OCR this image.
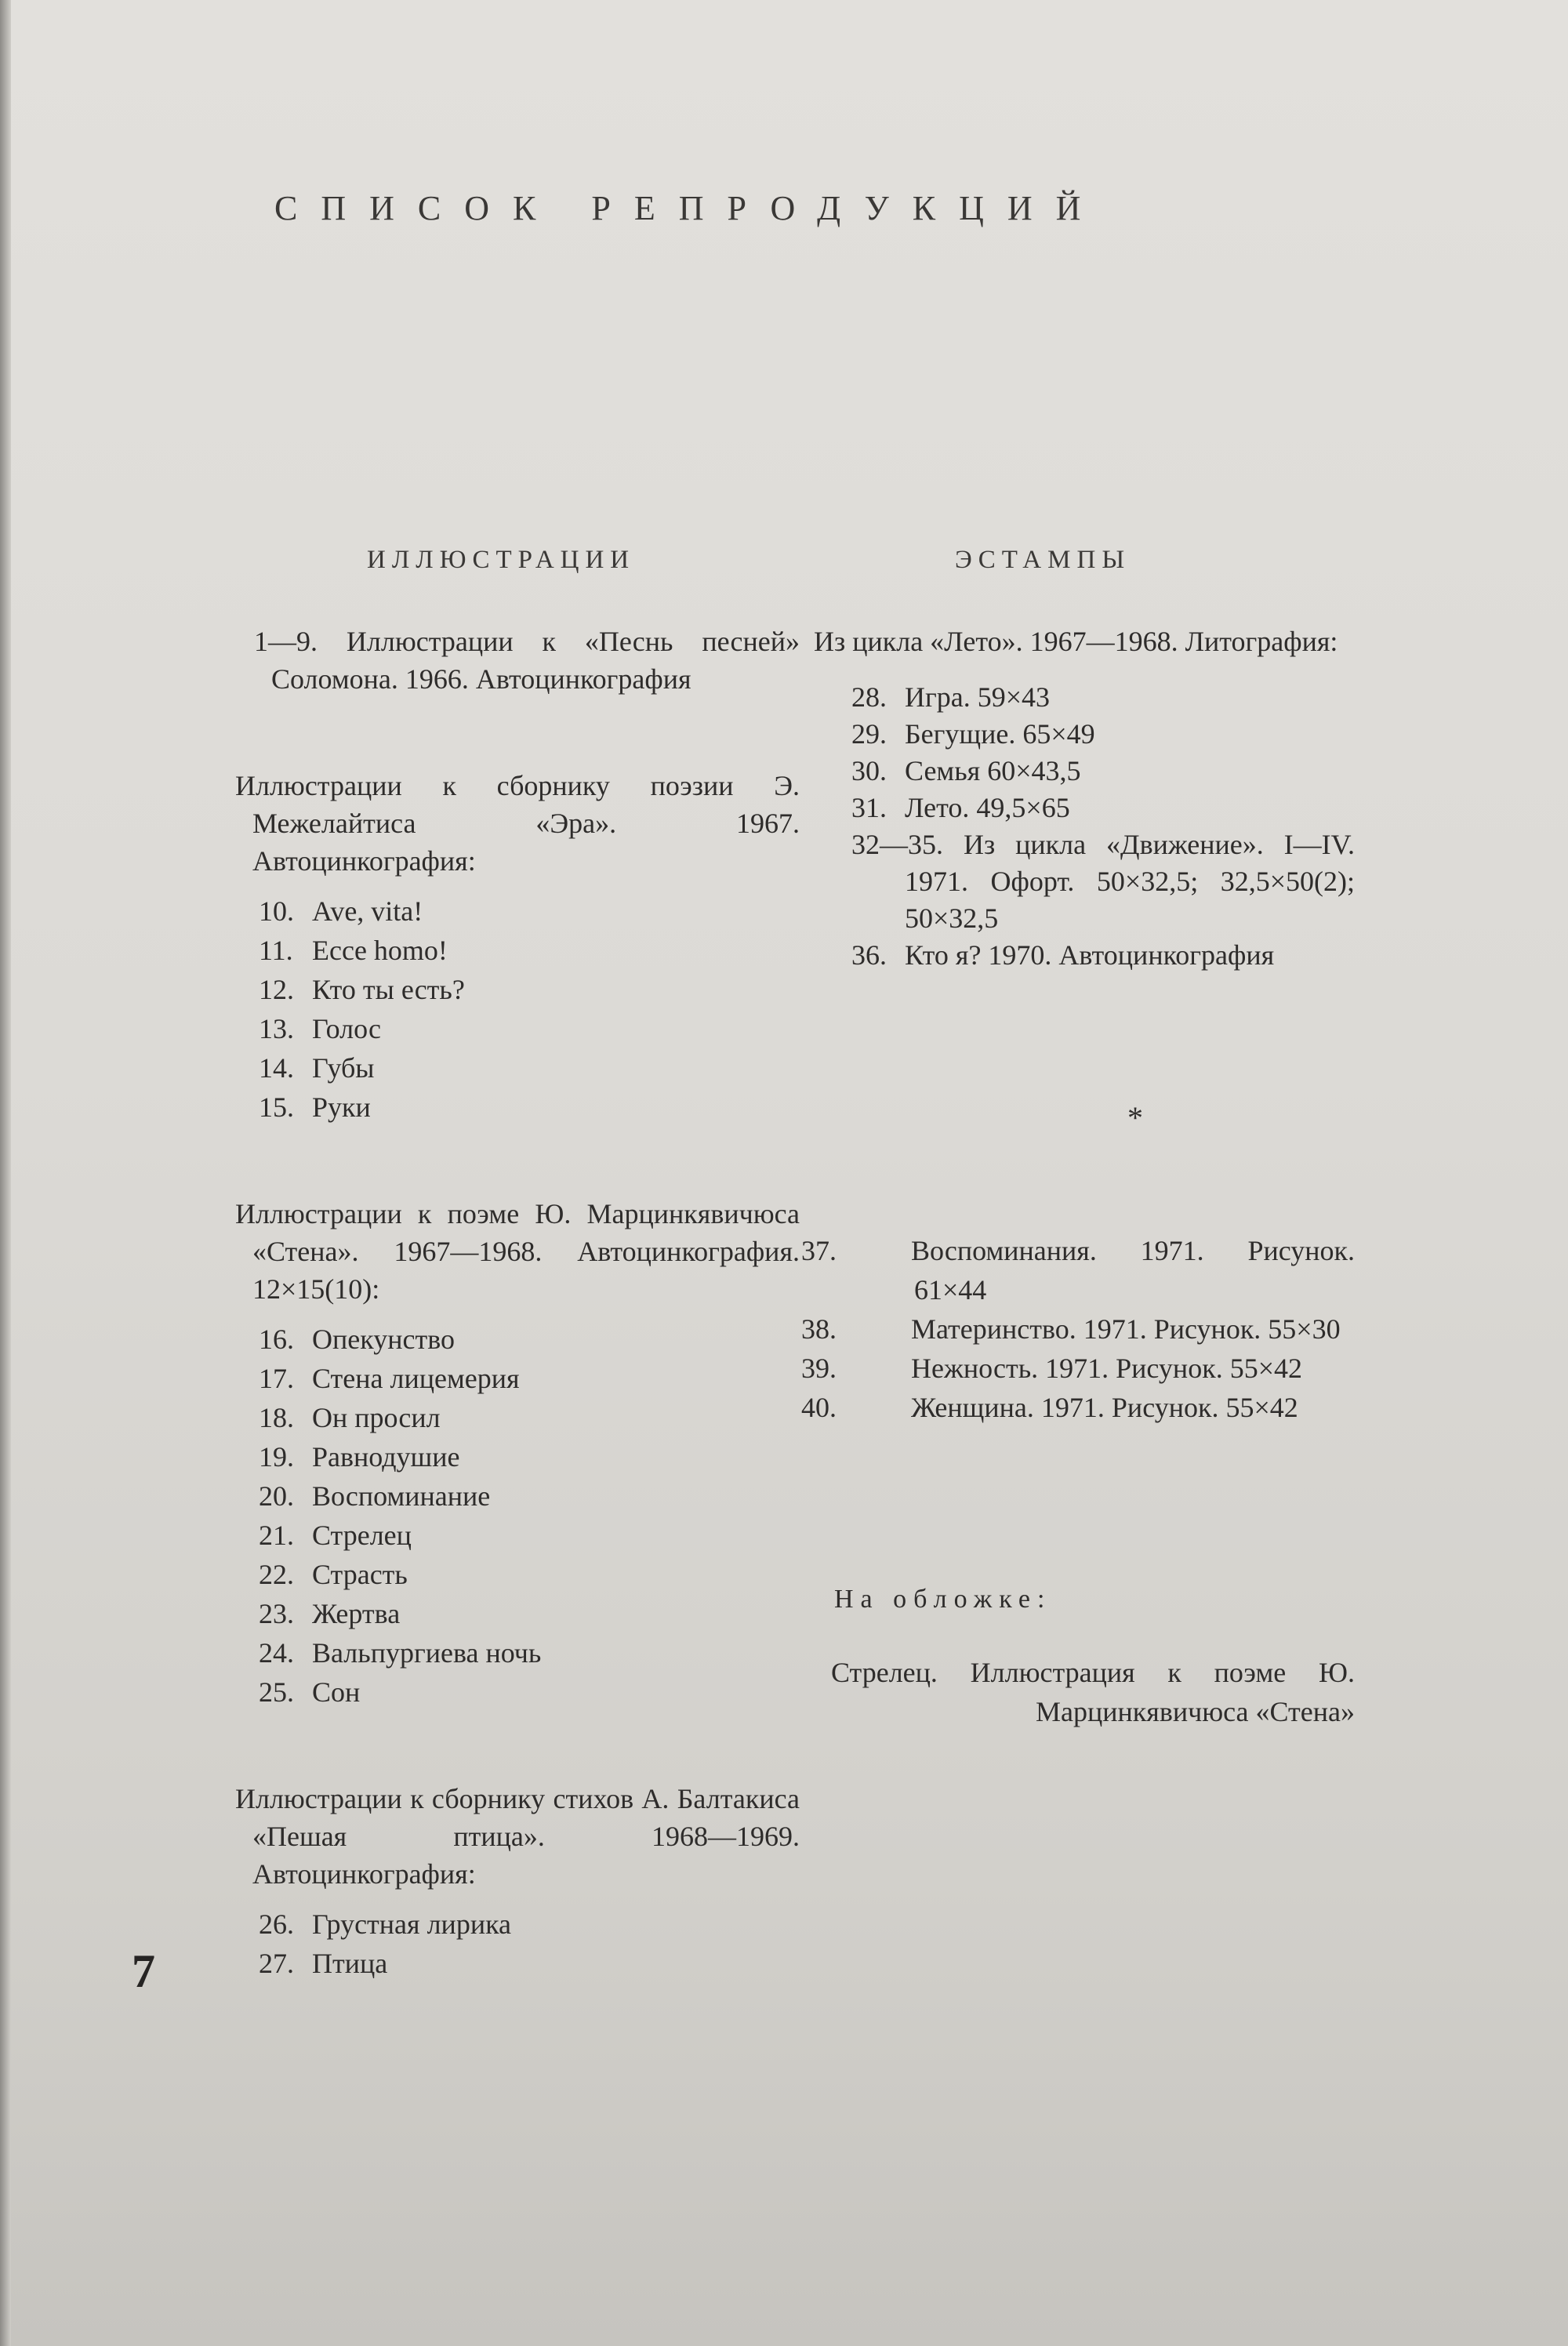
СПИСОК РЕПРОДУКЦИЙ
ИЛЛЮСТРАЦИИ
1—9. Иллюстрации к «Песнь песней» Соломона. 1966. Автоцинкография
Иллюстрации к сборнику поэзии Э. Межелайтиса «Эра». 1967. Автоцинкография:
10. Ave, vita!
11. Ecce homo!
12. Кто ты есть?
13. Голос
14. Губы
15. Руки
Иллюстрации к поэме Ю. Марцинкявичюса «Стена». 1967—1968. Автоцинкография. 12×15(10):
16. Опекунство
17. Стена лицемерия
18. Он просил
19. Равнодушие
20. Воспоминание
21. Стрелец
22. Страсть
23. Жертва
24. Вальпургиева ночь
25. Сон
Иллюстрации к сборнику стихов А. Балтакиса «Пешая птица». 1968—1969. Автоцинкография:
26. Грустная лирика
27. Птица
ЭСТАМПЫ
Из цикла «Лето». 1967—1968. Литография:
28. Игра. 59×43
29. Бегущие. 65×49
30. Семья 60×43,5
31. Лето. 49,5×65
32—35. Из цикла «Движение». I—IV. 1971. Офорт. 50×32,5; 32,5×50(2); 50×32,5
36. Кто я? 1970. Автоцинкография
*
37.	Воспоминания. 1971. Рисунок. 61×44
38.	Материнство. 1971. Рисунок. 55×30
39.	Нежность. 1971. Рисунок. 55×42
40.	Женщина. 1971. Рисунок. 55×42
На обложке:
Стрелец. Иллюстрация к поэме Ю. Марцинкявичюса «Стена»
7
